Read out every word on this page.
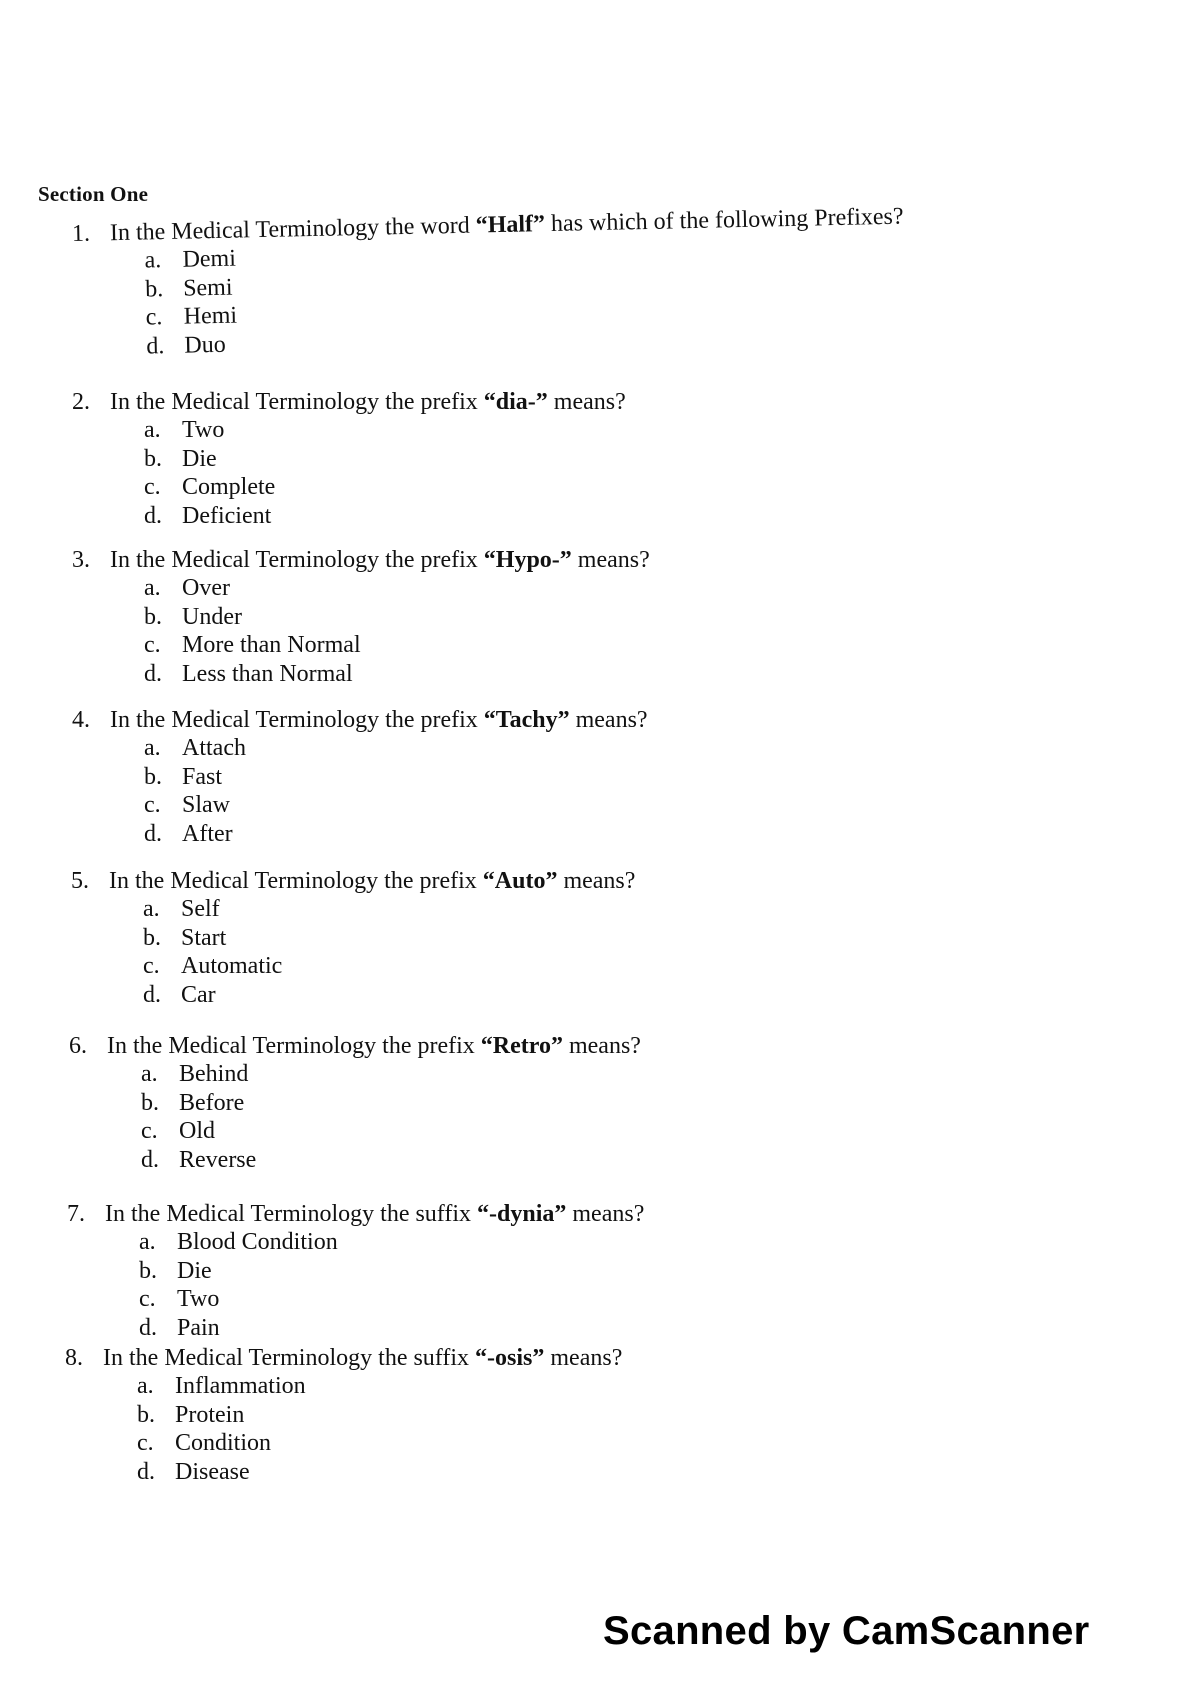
Section One
1. In the Medical Terminology the word “Half” has which of the following Prefixes?
a. Demi
b. Semi
c. Hemi
d. Duo
2. In the Medical Terminology the prefix “dia-” means?
a. Two
b. Die
c. Complete
d. Deficient
3. In the Medical Terminology the prefix “Hypo-” means?
a. Over
b. Under
c. More than Normal
d. Less than Normal
4. In the Medical Terminology the prefix “Tachy” means?
a. Attach
b. Fast
c. Slaw
d. After
5. In the Medical Terminology the prefix “Auto” means?
a. Self
b. Start
c. Automatic
d. Car
6. In the Medical Terminology the prefix “Retro” means?
a. Behind
b. Before
c. Old
d. Reverse
7. In the Medical Terminology the suffix “-dynia” means?
a. Blood Condition
b. Die
c. Two
d. Pain
8. In the Medical Terminology the suffix “-osis” means?
a. Inflammation
b. Protein
c. Condition
d. Disease
Scanned by CamScanner
